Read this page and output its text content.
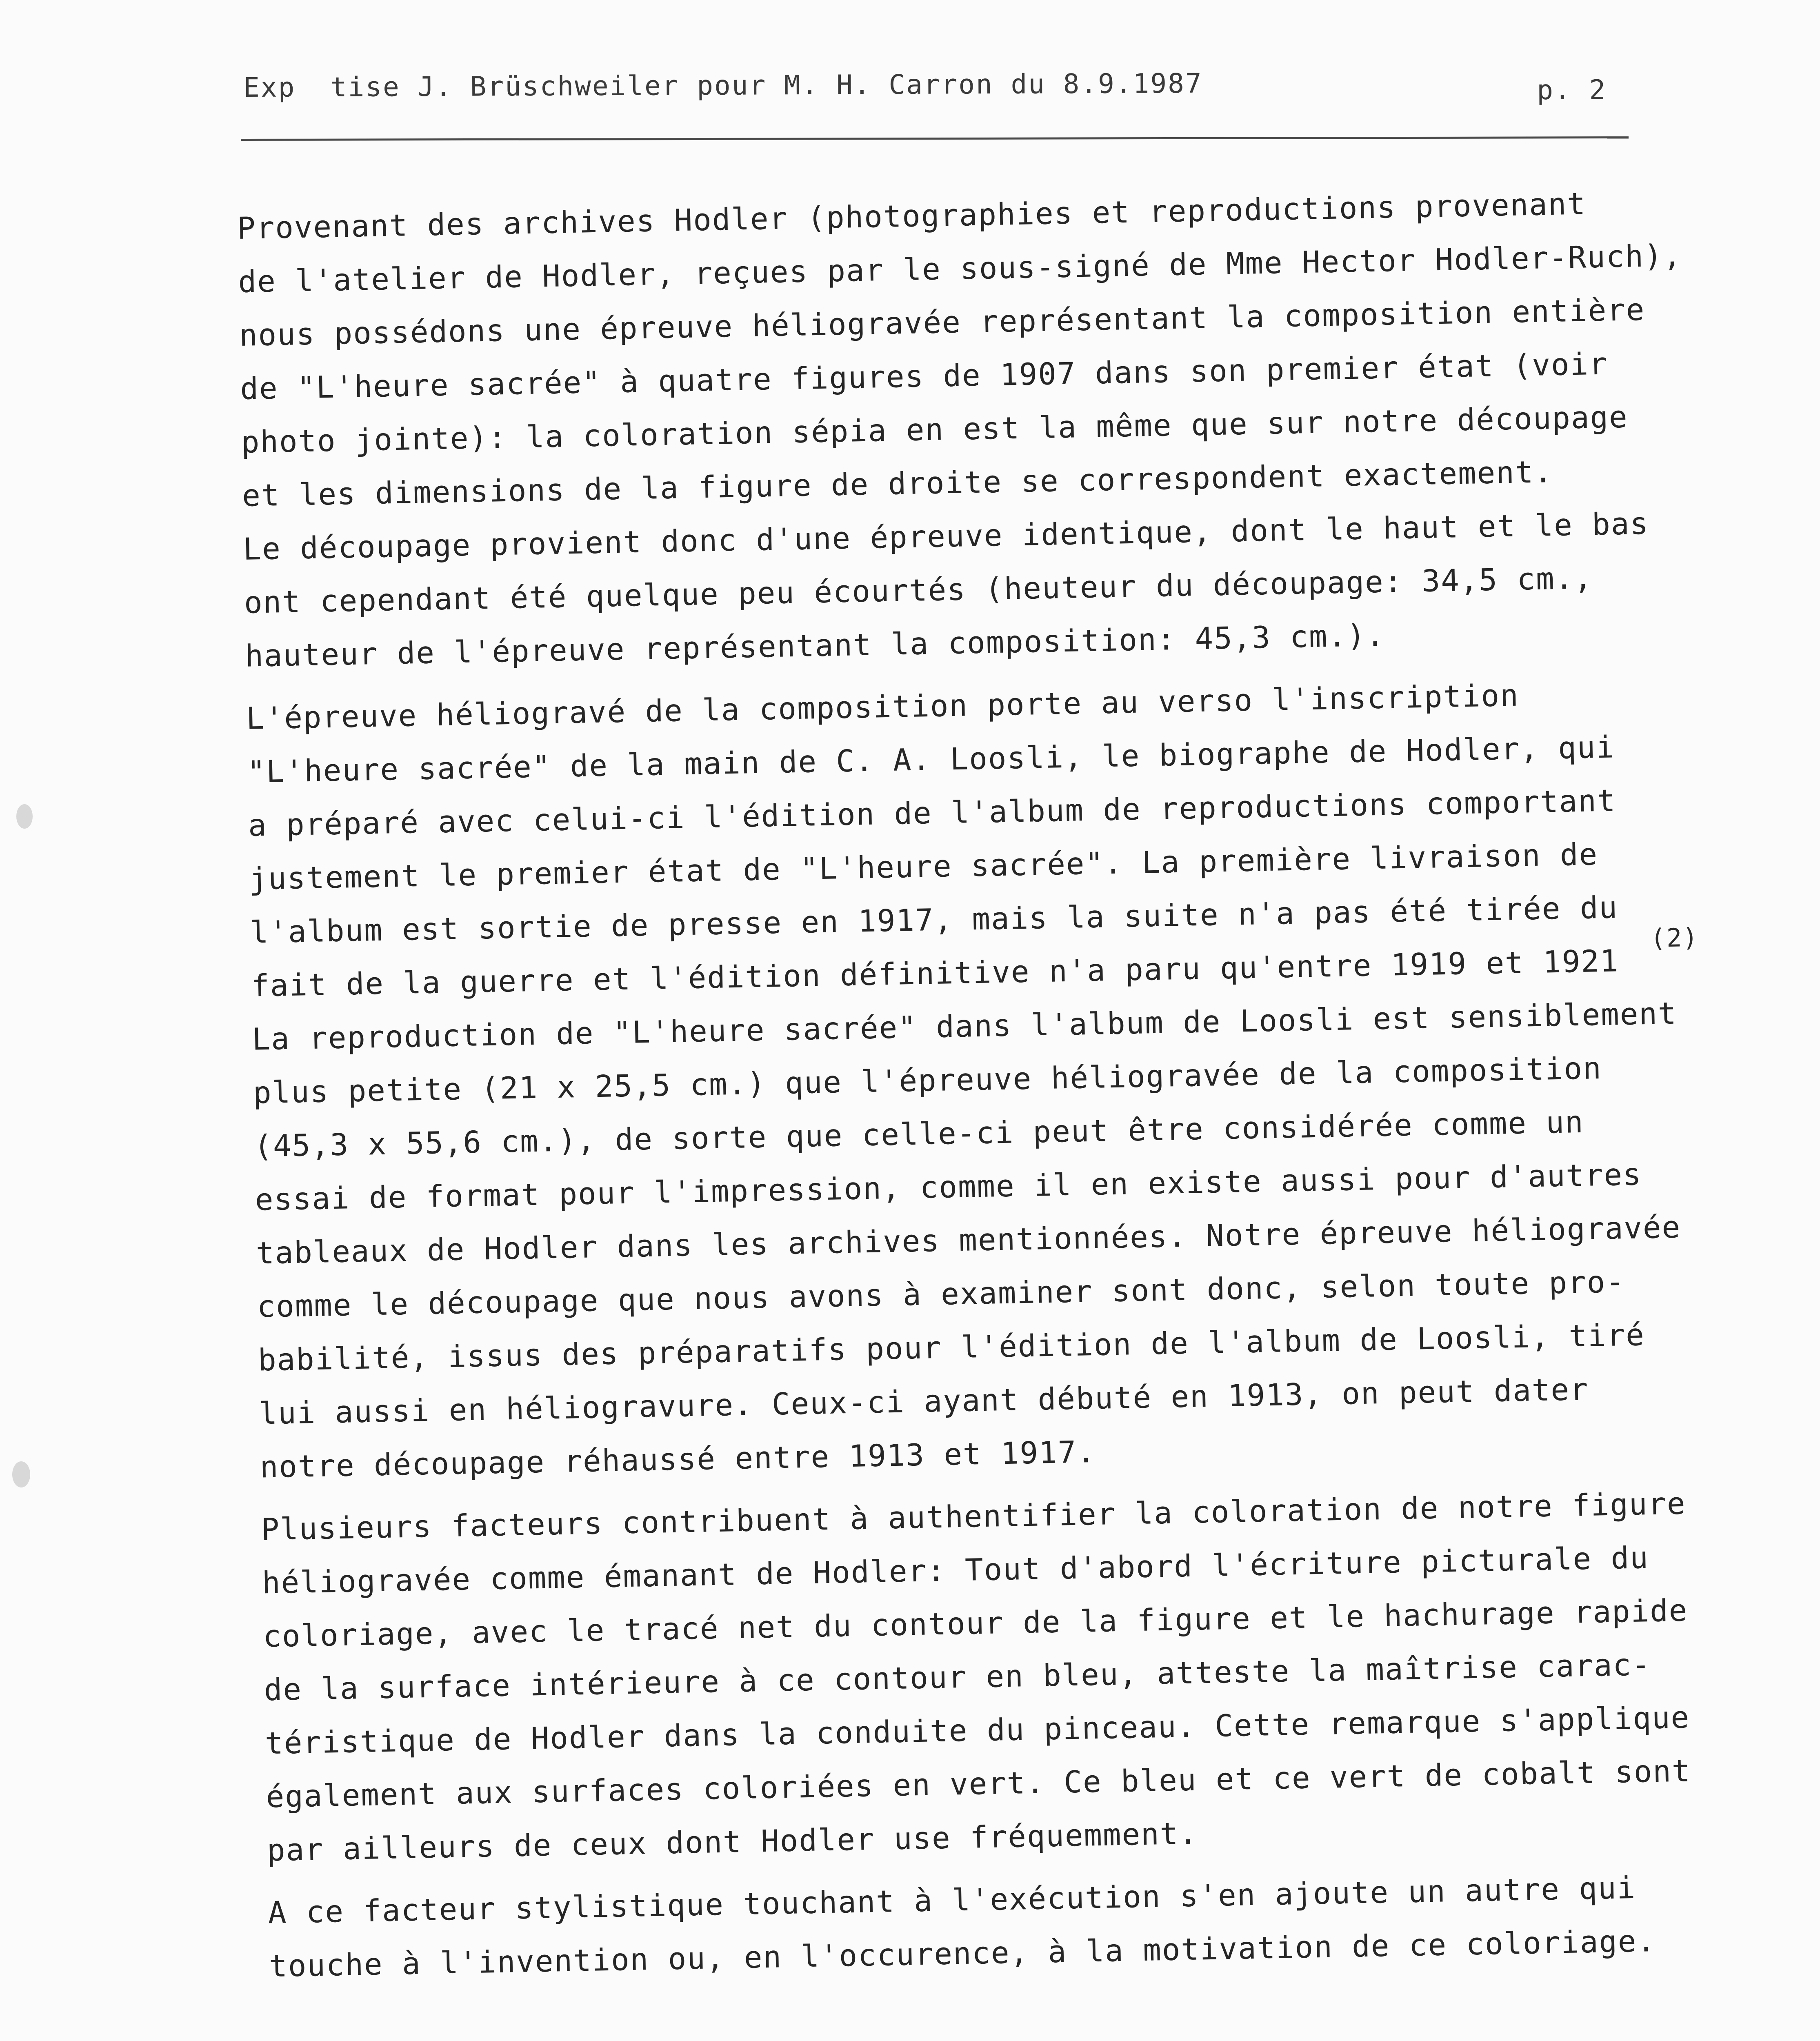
Exp  tise J. Brüschweiler pour M. H. Carron du 8.9.1987	p. 2
Provenant des archives Hodler (photographies et reproductions provenant
de l'atelier de Hodler, reçues par le sous-signé de Mme Hector Hodler-Ruch),
nous possédons une épreuve héliogravée représentant la composition entière
de "L'heure sacrée" à quatre figures de 1907 dans son premier état (voir
photo jointe): la coloration sépia en est la même que sur notre découpage
et les dimensions de la figure de droite se correspondent exactement.
Le découpage provient donc d'une épreuve identique, dont le haut et le bas
ont cependant été quelque peu écourtés (heuteur du découpage: 34,5 cm.,
hauteur de l'épreuve représentant la composition: 45,3 cm.).
L'épreuve héliogravé de la composition porte au verso l'inscription
"L'heure sacrée" de la main de C. A. Loosli, le biographe de Hodler, qui
a préparé avec celui-ci l'édition de l'album de reproductions comportant
justement le premier état de "L'heure sacrée". La première livraison de
l'album est sortie de presse en 1917, mais la suite n'a pas été tirée du
fait de la guerre et l'édition définitive n'a paru qu'entre 1919 et 1921
La reproduction de "L'heure sacrée" dans l'album de Loosli est sensiblement
plus petite (21 x 25,5 cm.) que l'épreuve héliogravée de la composition
(45,3 x 55,6 cm.), de sorte que celle-ci peut être considérée comme un
essai de format pour l'impression, comme il en existe aussi pour d'autres
tableaux de Hodler dans les archives mentionnées. Notre épreuve héliogravée
comme le découpage que nous avons à examiner sont donc, selon toute pro-
babilité, issus des préparatifs pour l'édition de l'album de Loosli, tiré
lui aussi en héliogravure. Ceux-ci ayant débuté en 1913, on peut dater
notre découpage réhaussé entre 1913 et 1917.
(2)
Plusieurs facteurs contribuent à authentifier la coloration de notre figure
héliogravée comme émanant de Hodler: Tout d'abord l'écriture picturale du
coloriage, avec le tracé net du contour de la figure et le hachurage rapide
de la surface intérieure à ce contour en bleu, atteste la maîtrise carac-
téristique de Hodler dans la conduite du pinceau. Cette remarque s'applique
également aux surfaces coloriées en vert. Ce bleu et ce vert de cobalt sont
par ailleurs de ceux dont Hodler use fréquemment.
A ce facteur stylistique touchant à l'exécution s'en ajoute un autre qui
touche à l'invention ou, en l'occurence, à la motivation de ce coloriage.
